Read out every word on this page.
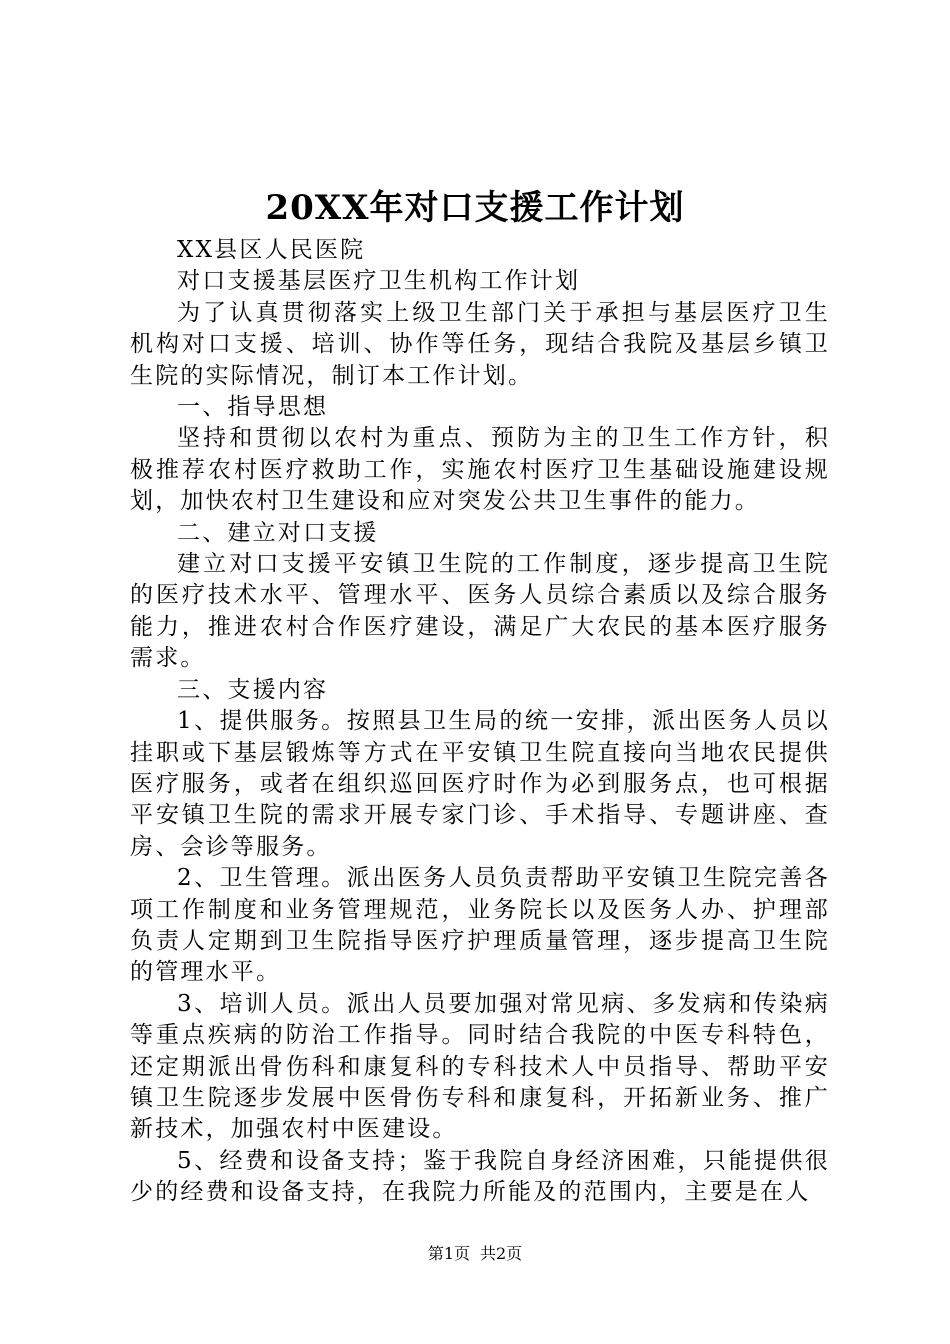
20XX年对口支援工作计划

XX县区人民医院

对口支援基层医疗卫生机构工作计划

为了认真贯彻落实上级卫生部门关于承担与基层医疗卫生机构对口支援、培训、协作等任务，现结合我院及基层乡镇卫生院的实际情况，制订本工作计划。

一、指导思想

坚持和贯彻以农村为重点、预防为主的卫生工作方针，积极推荐农村医疗救助工作，实施农村医疗卫生基础设施建设规划，加快农村卫生建设和应对突发公共卫生事件的能力。

二、建立对口支援

建立对口支援平安镇卫生院的工作制度，逐步提高卫生院的医疗技术水平、管理水平、医务人员综合素质以及综合服务能力，推进农村合作医疗建设，满足广大农民的基本医疗服务需求。

三、支援内容

1、提供服务。按照县卫生局的统一安排，派出医务人员以挂职或下基层锻炼等方式在平安镇卫生院直接向当地农民提供医疗服务，或者在组织巡回医疗时作为必到服务点，也可根据平安镇卫生院的需求开展专家门诊、手术指导、专题讲座、查房、会诊等服务。

2、卫生管理。派出医务人员负责帮助平安镇卫生院完善各项工作制度和业务管理规范，业务院长以及医务人办、护理部负责人定期到卫生院指导医疗护理质量管理，逐步提高卫生院的管理水平。

3、培训人员。派出人员要加强对常见病、多发病和传染病等重点疾病的防治工作指导。同时结合我院的中医专科特色，还定期派出骨伤科和康复科的专科技术人中员指导、帮助平安镇卫生院逐步发展中医骨伤专科和康复科，开拓新业务、推广新技术，加强农村中医建设。

5、经费和设备支持；鉴于我院自身经济困难，只能提供很少的经费和设备支持，在我院力所能及的范围内，主要是在人

第1页 共2页
